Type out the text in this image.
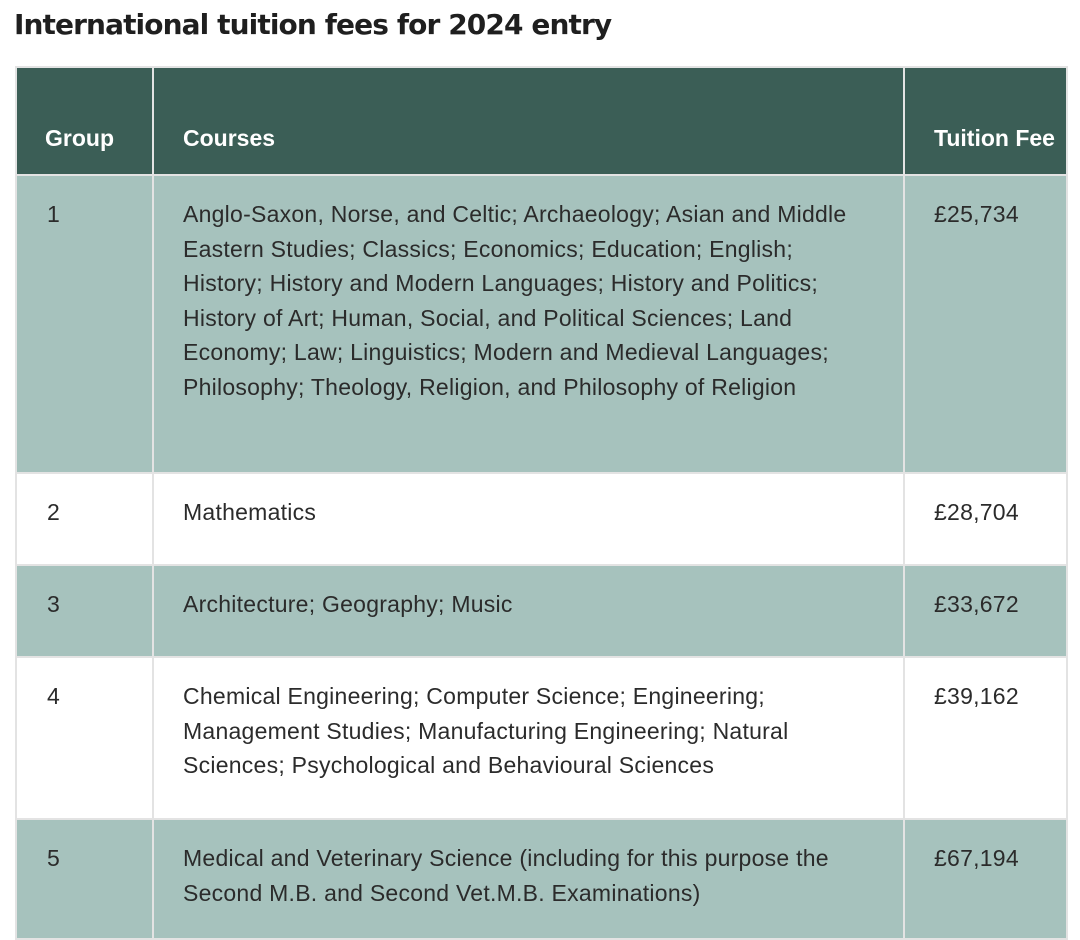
International tuition fees for 2024 entry
Group	Courses	Tuition Fee
1	Anglo-Saxon, Norse, and Celtic; Archaeology; Asian and Middle Eastern Studies; Classics; Economics; Education; English; History; History and Modern Languages; History and Politics; History of Art; Human, Social, and Political Sciences; Land Economy; Law; Linguistics; Modern and Medieval Languages; Philosophy; Theology, Religion, and Philosophy of Religion	£25,734
2	Mathematics	£28,704
3	Architecture; Geography; Music	£33,672
4	Chemical Engineering; Computer Science; Engineering; Management Studies; Manufacturing Engineering; Natural Sciences; Psychological and Behavioural Sciences	£39,162
5	Medical and Veterinary Science (including for this purpose the Second M.B. and Second Vet.M.B. Examinations)	£67,194
